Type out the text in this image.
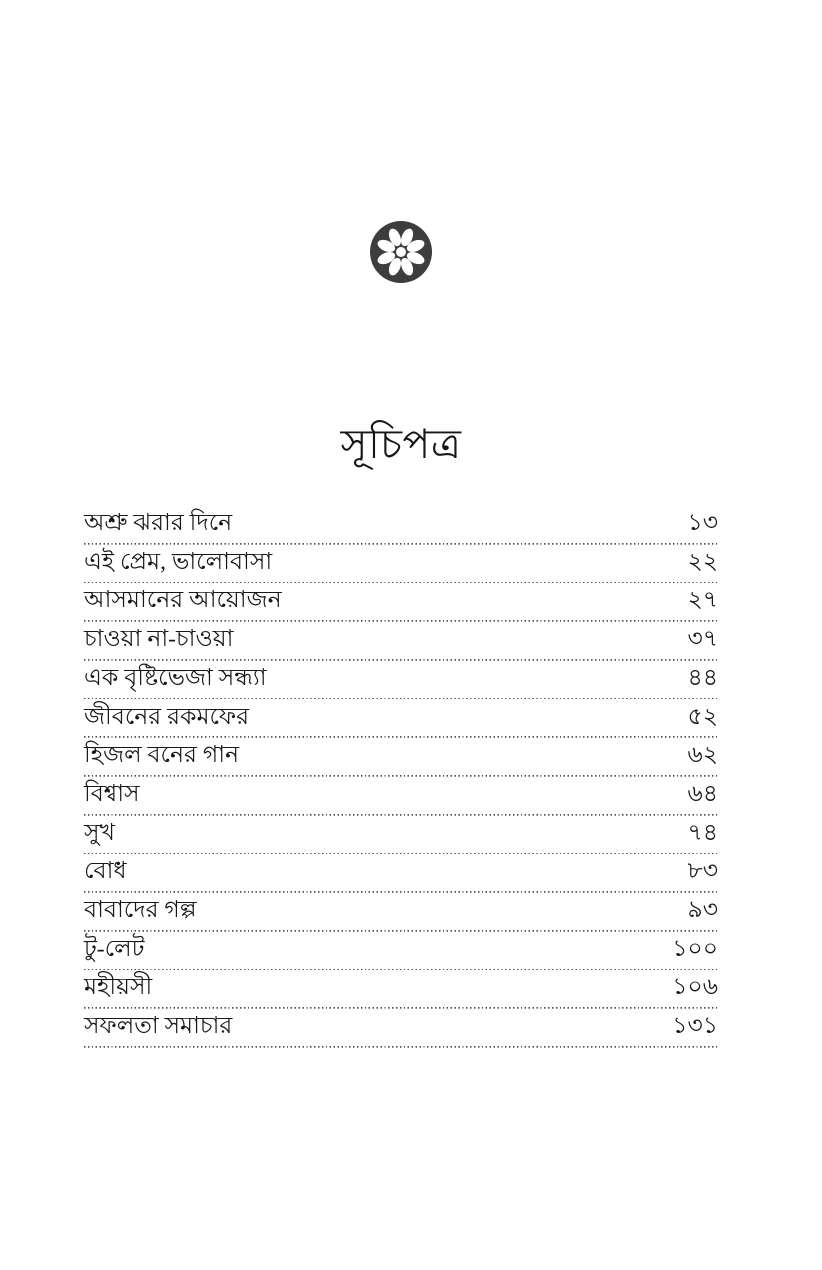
সূচিপত্র
অশ্রু ঝরার দিনে	১৩
এই প্রেম, ভালোবাসা	২২
আসমানের আয়োজন	২৭
চাওয়া না-চাওয়া	৩৭
এক বৃষ্টিভেজা সন্ধ্যা	৪৪
জীবনের রকমফের	৫২
হিজল বনের গান	৬২
বিশ্বাস	৬৪
সুখ	৭৪
বোধ	৮৩
বাবাদের গল্প	৯৩
টু-লেট	১০০
মহীয়সী	১০৬
সফলতা সমাচার	১৩১
